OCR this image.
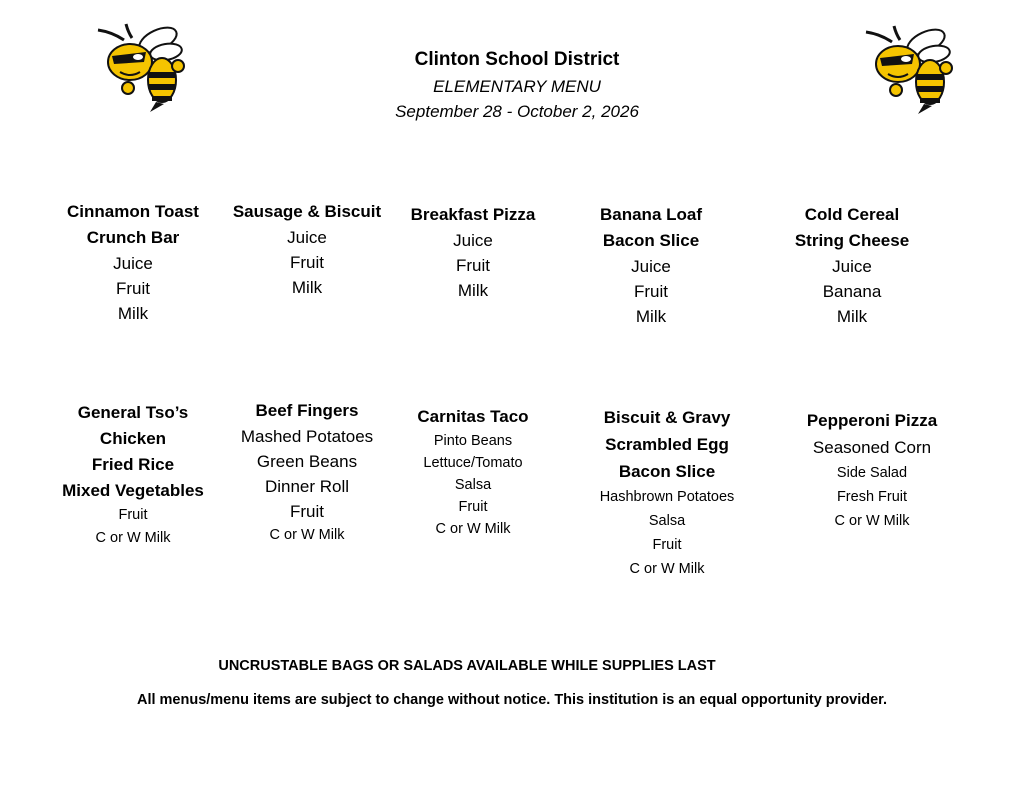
Clinton School District
ELEMENTARY MENU
September 28 - October 2, 2026
Cinnamon Toast
Crunch Bar
Juice
Fruit
Milk
Sausage & Biscuit
Juice
Fruit
Milk
Breakfast Pizza
Juice
Fruit
Milk
Banana Loaf
Bacon Slice
Juice
Fruit
Milk
Cold Cereal
String Cheese
Juice
Banana
Milk
General Tso’s
Chicken
Fried Rice
Mixed Vegetables
Fruit
C or W Milk
Beef Fingers
Mashed Potatoes
Green Beans
Dinner Roll
Fruit
C or W Milk
Carnitas Taco
Pinto Beans
Lettuce/Tomato
Salsa
Fruit
C or W Milk
Biscuit & Gravy
Scrambled Egg
Bacon Slice
Hashbrown Potatoes
Salsa
Fruit
C or W Milk
Pepperoni Pizza
Seasoned Corn
Side Salad
Fresh Fruit
C or W Milk
UNCRUSTABLE BAGS OR SALADS AVAILABLE WHILE SUPPLIES LAST
All menus/menu items are subject to change without notice. This institution is an equal opportunity provider.
